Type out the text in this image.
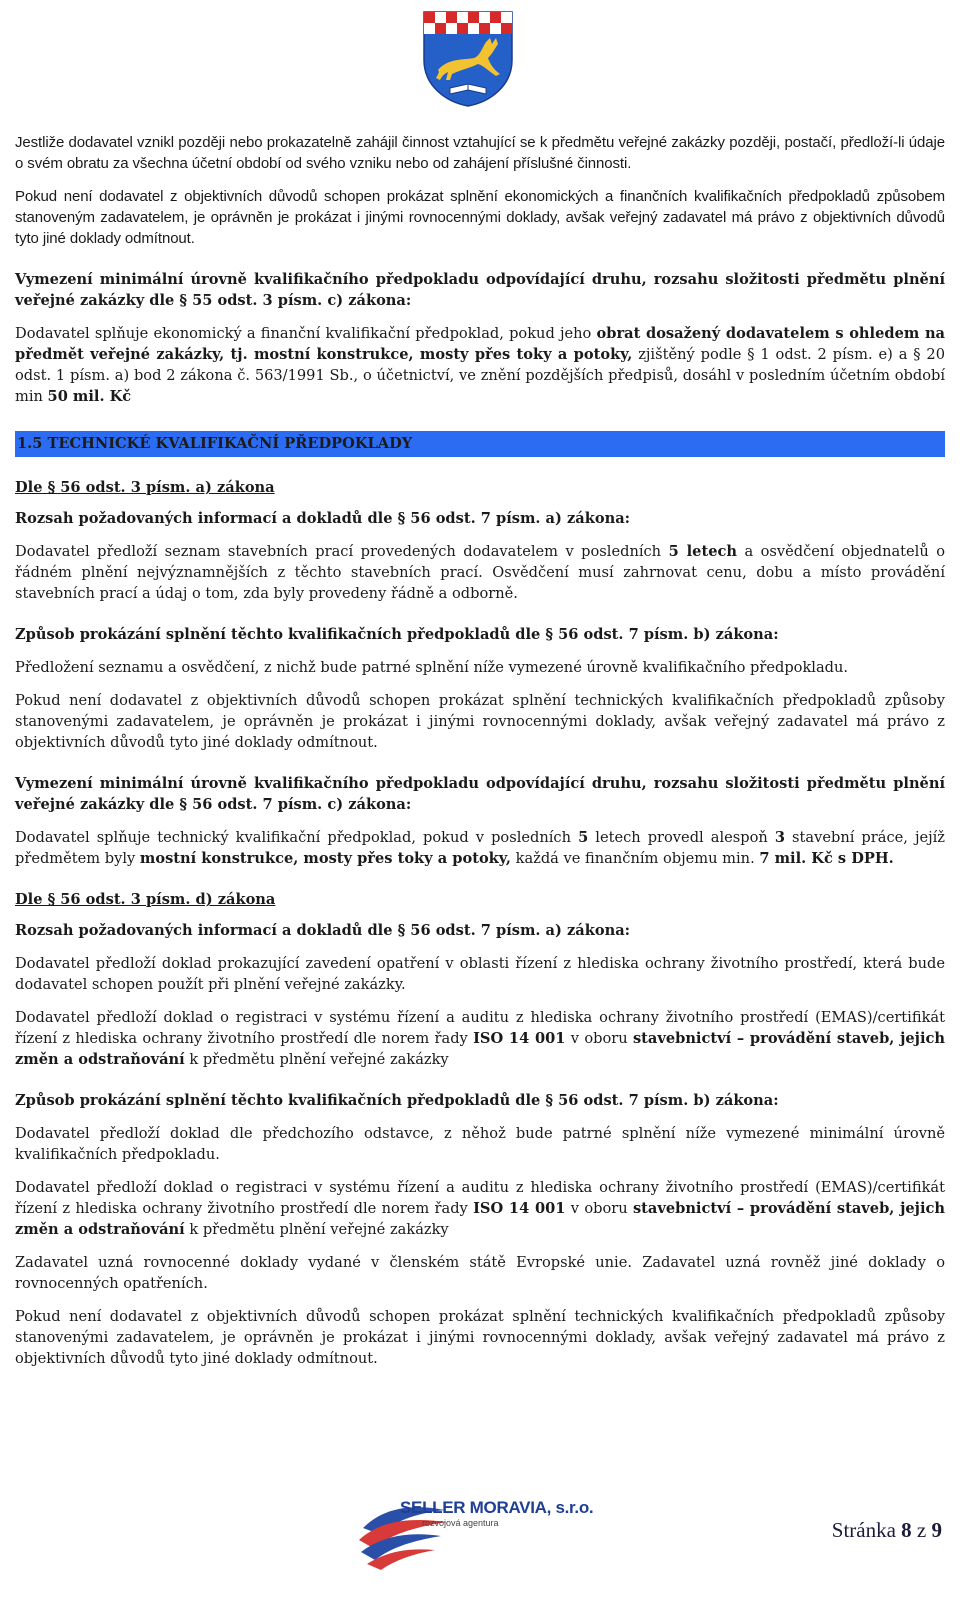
Jestliže dodavatel vznikl později nebo prokazatelně zahájil činnost vztahující se k předmětu veřejné zakázky později, postačí, předloží-li údaje o svém obratu za všechna účetní období od svého vzniku nebo od zahájení příslušné činnosti.

Pokud není dodavatel z objektivních důvodů schopen prokázat splnění ekonomických a finančních kvalifikačních předpokladů způsobem stanoveným zadavatelem, je oprávněn je prokázat i jinými rovnocennými doklady, avšak veřejný zadavatel má právo z objektivních důvodů tyto jiné doklady odmítnout.

Vymezení minimální úrovně kvalifikačního předpokladu odpovídající druhu, rozsahu složitosti předmětu plnění veřejné zakázky dle § 55 odst. 3 písm. c) zákona:

Dodavatel splňuje ekonomický a finanční kvalifikační předpoklad, pokud jeho obrat dosažený dodavatelem s ohledem na předmět veřejné zakázky, tj. mostní konstrukce, mosty přes toky a potoky, zjištěný podle § 1 odst. 2 písm. e) a § 20 odst. 1 písm. a) bod 2 zákona č. 563/1991 Sb., o účetnictví, ve znění pozdějších předpisů, dosáhl v posledním účetním období min 50 mil. Kč

1.5 TECHNICKÉ KVALIFIKAČNÍ PŘEDPOKLADY

Dle § 56 odst. 3 písm. a) zákona

Rozsah požadovaných informací a dokladů dle § 56 odst. 7 písm. a) zákona:

Dodavatel předloží seznam stavebních prací provedených dodavatelem v posledních 5 letech a osvědčení objednatelů o řádném plnění nejvýznamnějších z těchto stavebních prací. Osvědčení musí zahrnovat cenu, dobu a místo provádění stavebních prací a údaj o tom, zda byly provedeny řádně a odborně.

Způsob prokázání splnění těchto kvalifikačních předpokladů dle § 56 odst. 7 písm. b) zákona:

Předložení seznamu a osvědčení, z nichž bude patrné splnění níže vymezené úrovně kvalifikačního předpokladu.

Pokud není dodavatel z objektivních důvodů schopen prokázat splnění technických kvalifikačních předpokladů způsoby stanovenými zadavatelem, je oprávněn je prokázat i jinými rovnocennými doklady, avšak veřejný zadavatel má právo z objektivních důvodů tyto jiné doklady odmítnout.

Vymezení minimální úrovně kvalifikačního předpokladu odpovídající druhu, rozsahu složitosti předmětu plnění veřejné zakázky dle § 56 odst. 7 písm. c) zákona:

Dodavatel splňuje technický kvalifikační předpoklad, pokud v posledních 5 letech provedl alespoň 3 stavební práce, jejíž předmětem byly mostní konstrukce, mosty přes toky a potoky, každá ve finančním objemu min. 7 mil. Kč s DPH.

Dle § 56 odst. 3 písm. d) zákona

Rozsah požadovaných informací a dokladů dle § 56 odst. 7 písm. a) zákona:

Dodavatel předloží doklad prokazující zavedení opatření v oblasti řízení z hlediska ochrany životního prostředí, která bude dodavatel schopen použít při plnění veřejné zakázky.

Dodavatel předloží doklad o registraci v systému řízení a auditu z hlediska ochrany životního prostředí (EMAS)/certifikát řízení z hlediska ochrany životního prostředí dle norem řady ISO 14 001 v oboru stavebnictví – provádění staveb, jejich změn a odstraňování k předmětu plnění veřejné zakázky

Způsob prokázání splnění těchto kvalifikačních předpokladů dle § 56 odst. 7 písm. b) zákona:

Dodavatel předloží doklad dle předchozího odstavce, z něhož bude patrné splnění níže vymezené minimální úrovně kvalifikačních předpokladu.

Dodavatel předloží doklad o registraci v systému řízení a auditu z hlediska ochrany životního prostředí (EMAS)/certifikát řízení z hlediska ochrany životního prostředí dle norem řady ISO 14 001 v oboru stavebnictví – provádění staveb, jejich změn a odstraňování k předmětu plnění veřejné zakázky

Zadavatel uzná rovnocenné doklady vydané v členském státě Evropské unie. Zadavatel uzná rovněž jiné doklady o rovnocenných opatřeních.

Pokud není dodavatel z objektivních důvodů schopen prokázat splnění technických kvalifikačních předpokladů způsoby stanovenými zadavatelem, je oprávněn je prokázat i jinými rovnocennými doklady, avšak veřejný zadavatel má právo z objektivních důvodů tyto jiné doklady odmítnout.

SELLER MORAVIA, s.r.o.
rozvojová agentura	Stránka 8 z 9
